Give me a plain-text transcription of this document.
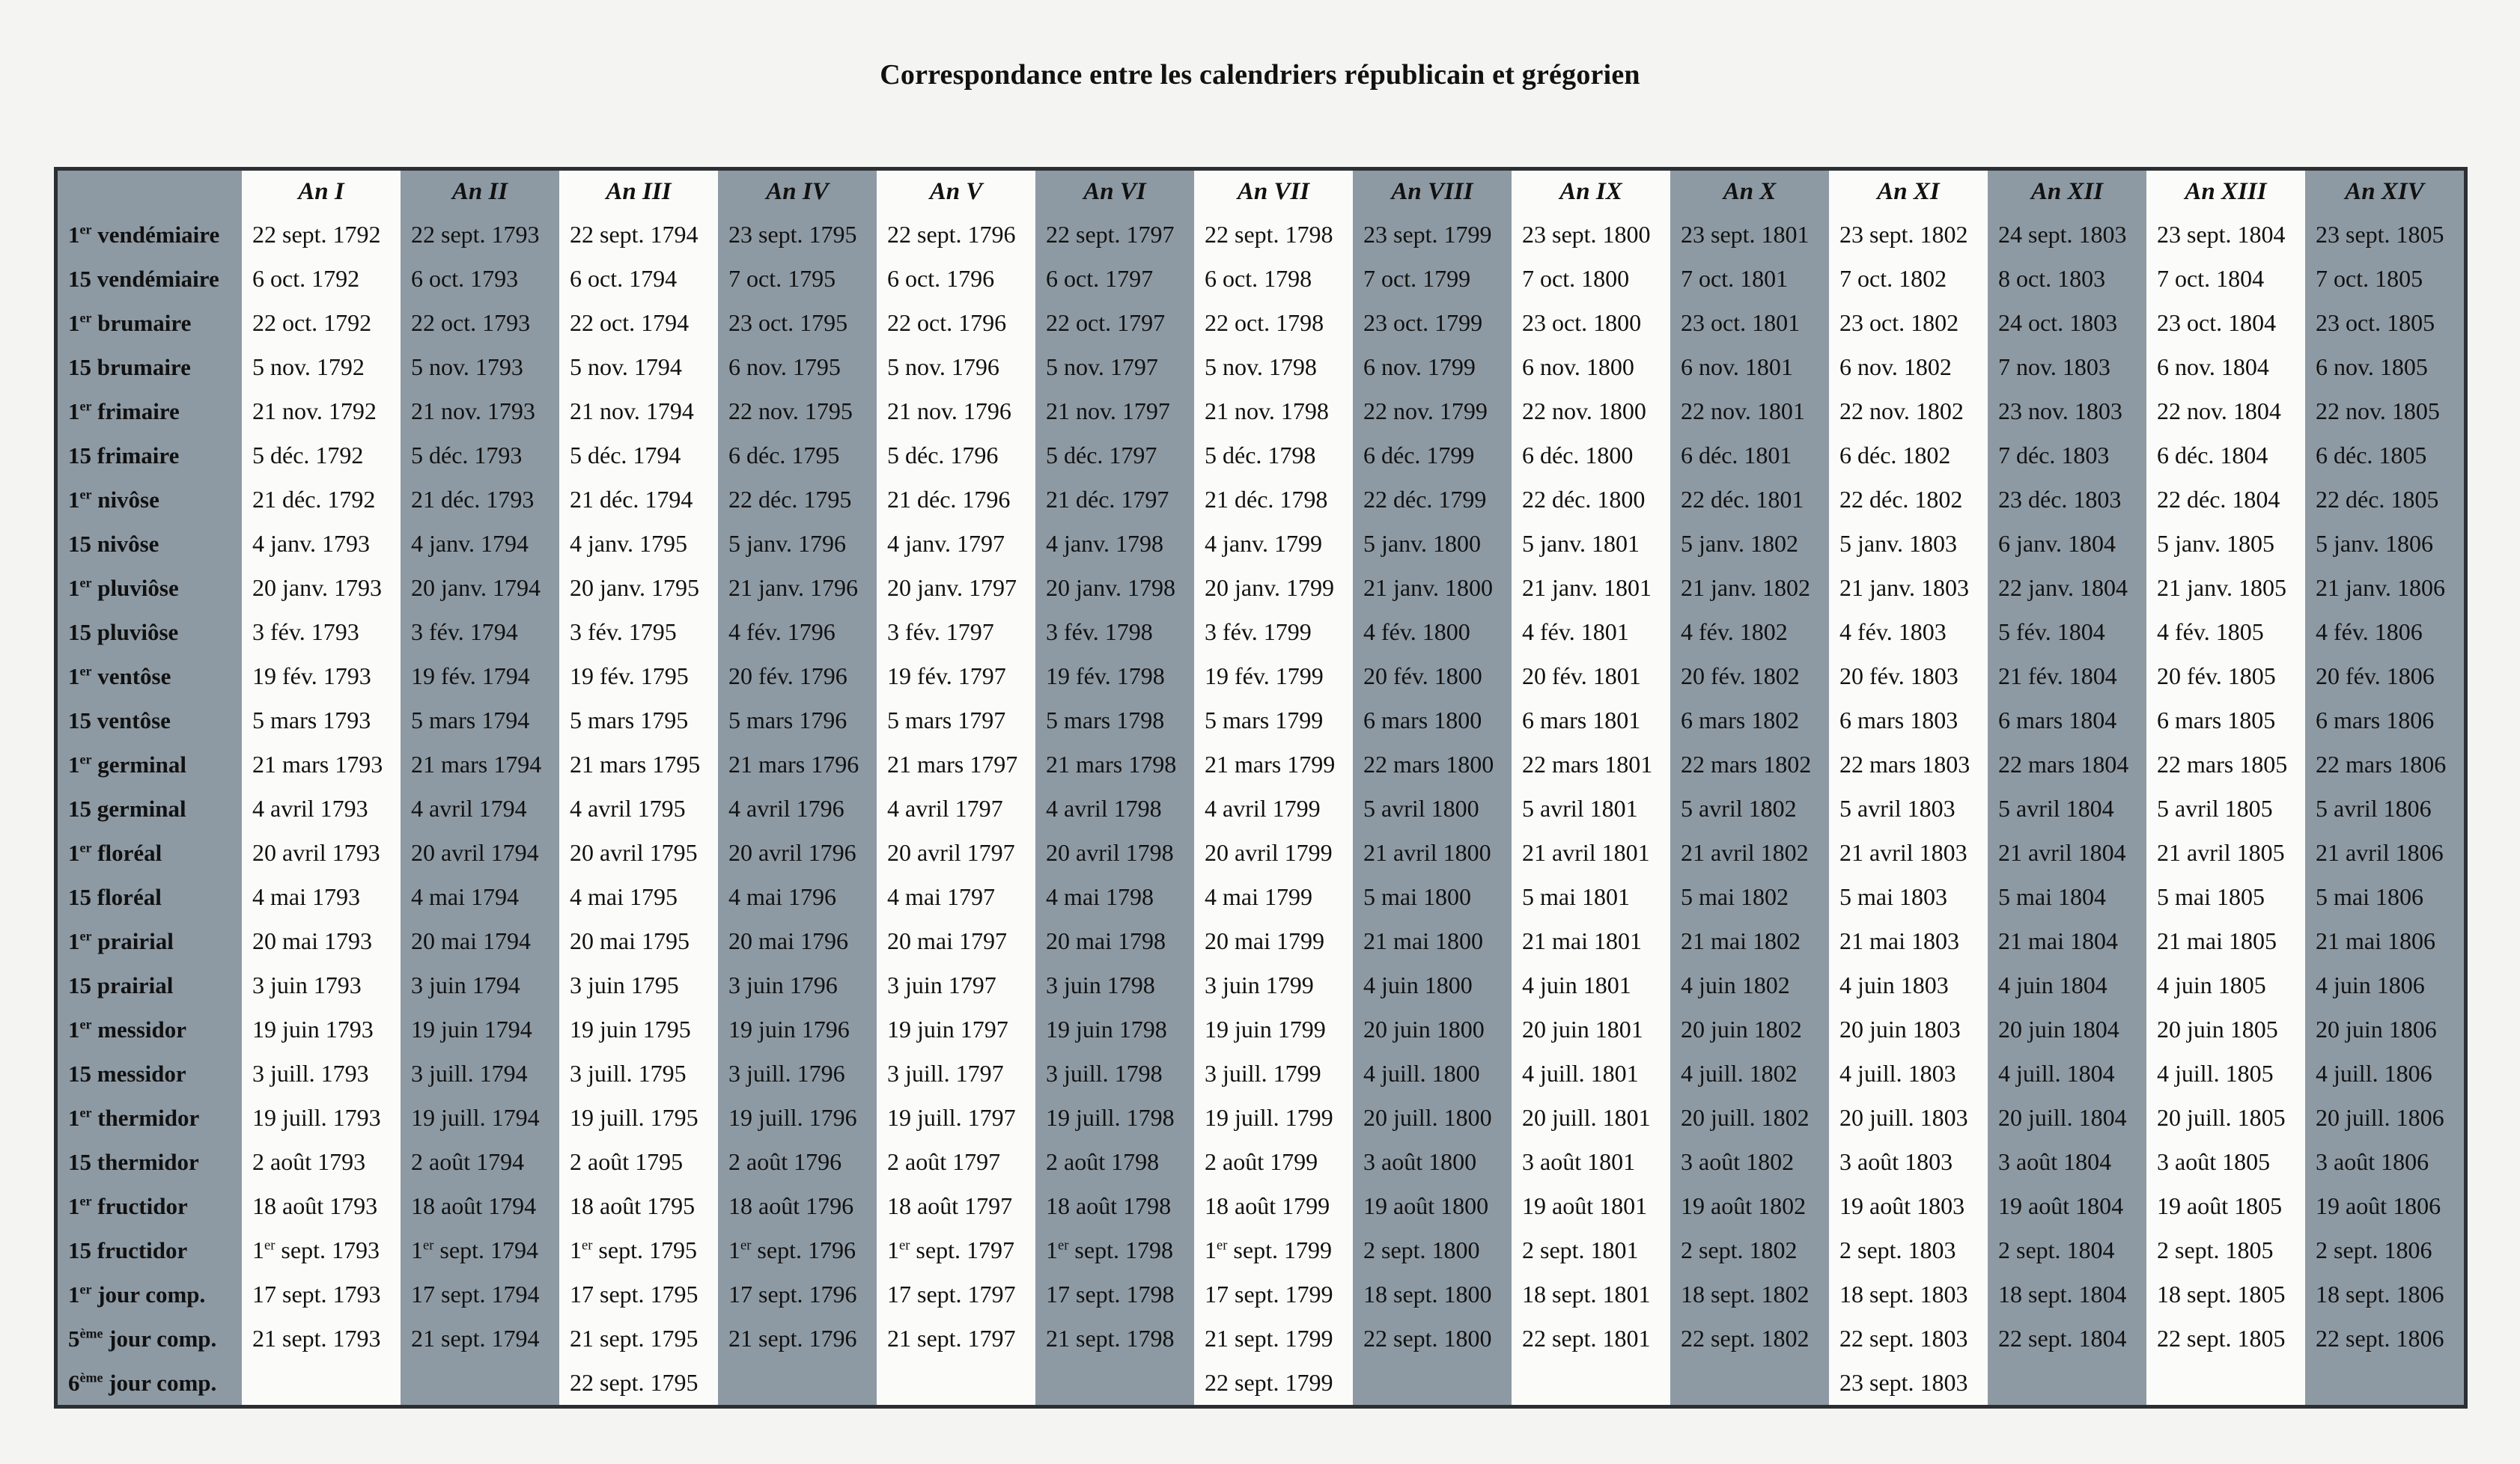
Correspondance entre les calendriers républicain et grégorien
	An I	An II	An III	An IV	An V	An VI	An VII	An VIII	An IX	An X	An XI	An XII	An XIII	An XIV
1er vendémiaire	22 sept. 1792	22 sept. 1793	22 sept. 1794	23 sept. 1795	22 sept. 1796	22 sept. 1797	22 sept. 1798	23 sept. 1799	23 sept. 1800	23 sept. 1801	23 sept. 1802	24 sept. 1803	23 sept. 1804	23 sept. 1805
15 vendémiaire	6 oct. 1792	6 oct. 1793	6 oct. 1794	7 oct. 1795	6 oct. 1796	6 oct. 1797	6 oct. 1798	7 oct. 1799	7 oct. 1800	7 oct. 1801	7 oct. 1802	8 oct. 1803	7 oct. 1804	7 oct. 1805
1er brumaire	22 oct. 1792	22 oct. 1793	22 oct. 1794	23 oct. 1795	22 oct. 1796	22 oct. 1797	22 oct. 1798	23 oct. 1799	23 oct. 1800	23 oct. 1801	23 oct. 1802	24 oct. 1803	23 oct. 1804	23 oct. 1805
15 brumaire	5 nov. 1792	5 nov. 1793	5 nov. 1794	6 nov. 1795	5 nov. 1796	5 nov. 1797	5 nov. 1798	6 nov. 1799	6 nov. 1800	6 nov. 1801	6 nov. 1802	7 nov. 1803	6 nov. 1804	6 nov. 1805
1er frimaire	21 nov. 1792	21 nov. 1793	21 nov. 1794	22 nov. 1795	21 nov. 1796	21 nov. 1797	21 nov. 1798	22 nov. 1799	22 nov. 1800	22 nov. 1801	22 nov. 1802	23 nov. 1803	22 nov. 1804	22 nov. 1805
15 frimaire	5 déc. 1792	5 déc. 1793	5 déc. 1794	6 déc. 1795	5 déc. 1796	5 déc. 1797	5 déc. 1798	6 déc. 1799	6 déc. 1800	6 déc. 1801	6 déc. 1802	7 déc. 1803	6 déc. 1804	6 déc. 1805
1er nivôse	21 déc. 1792	21 déc. 1793	21 déc. 1794	22 déc. 1795	21 déc. 1796	21 déc. 1797	21 déc. 1798	22 déc. 1799	22 déc. 1800	22 déc. 1801	22 déc. 1802	23 déc. 1803	22 déc. 1804	22 déc. 1805
15 nivôse	4 janv. 1793	4 janv. 1794	4 janv. 1795	5 janv. 1796	4 janv. 1797	4 janv. 1798	4 janv. 1799	5 janv. 1800	5 janv. 1801	5 janv. 1802	5 janv. 1803	6 janv. 1804	5 janv. 1805	5 janv. 1806
1er pluviôse	20 janv. 1793	20 janv. 1794	20 janv. 1795	21 janv. 1796	20 janv. 1797	20 janv. 1798	20 janv. 1799	21 janv. 1800	21 janv. 1801	21 janv. 1802	21 janv. 1803	22 janv. 1804	21 janv. 1805	21 janv. 1806
15 pluviôse	3 fév. 1793	3 fév. 1794	3 fév. 1795	4 fév. 1796	3 fév. 1797	3 fév. 1798	3 fév. 1799	4 fév. 1800	4 fév. 1801	4 fév. 1802	4 fév. 1803	5 fév. 1804	4 fév. 1805	4 fév. 1806
1er ventôse	19 fév. 1793	19 fév. 1794	19 fév. 1795	20 fév. 1796	19 fév. 1797	19 fév. 1798	19 fév. 1799	20 fév. 1800	20 fév. 1801	20 fév. 1802	20 fév. 1803	21 fév. 1804	20 fév. 1805	20 fév. 1806
15 ventôse	5 mars 1793	5 mars 1794	5 mars 1795	5 mars 1796	5 mars 1797	5 mars 1798	5 mars 1799	6 mars 1800	6 mars 1801	6 mars 1802	6 mars 1803	6 mars 1804	6 mars 1805	6 mars 1806
1er germinal	21 mars 1793	21 mars 1794	21 mars 1795	21 mars 1796	21 mars 1797	21 mars 1798	21 mars 1799	22 mars 1800	22 mars 1801	22 mars 1802	22 mars 1803	22 mars 1804	22 mars 1805	22 mars 1806
15 germinal	4 avril 1793	4 avril 1794	4 avril 1795	4 avril 1796	4 avril 1797	4 avril 1798	4 avril 1799	5 avril 1800	5 avril 1801	5 avril 1802	5 avril 1803	5 avril 1804	5 avril 1805	5 avril 1806
1er floréal	20 avril 1793	20 avril 1794	20 avril 1795	20 avril 1796	20 avril 1797	20 avril 1798	20 avril 1799	21 avril 1800	21 avril 1801	21 avril 1802	21 avril 1803	21 avril 1804	21 avril 1805	21 avril 1806
15 floréal	4 mai 1793	4 mai 1794	4 mai 1795	4 mai 1796	4 mai 1797	4 mai 1798	4 mai 1799	5 mai 1800	5 mai 1801	5 mai 1802	5 mai 1803	5 mai 1804	5 mai 1805	5 mai 1806
1er prairial	20 mai 1793	20 mai 1794	20 mai 1795	20 mai 1796	20 mai 1797	20 mai 1798	20 mai 1799	21 mai 1800	21 mai 1801	21 mai 1802	21 mai 1803	21 mai 1804	21 mai 1805	21 mai 1806
15 prairial	3 juin 1793	3 juin 1794	3 juin 1795	3 juin 1796	3 juin 1797	3 juin 1798	3 juin 1799	4 juin 1800	4 juin 1801	4 juin 1802	4 juin 1803	4 juin 1804	4 juin 1805	4 juin 1806
1er messidor	19 juin 1793	19 juin 1794	19 juin 1795	19 juin 1796	19 juin 1797	19 juin 1798	19 juin 1799	20 juin 1800	20 juin 1801	20 juin 1802	20 juin 1803	20 juin 1804	20 juin 1805	20 juin 1806
15 messidor	3 juill. 1793	3 juill. 1794	3 juill. 1795	3 juill. 1796	3 juill. 1797	3 juill. 1798	3 juill. 1799	4 juill. 1800	4 juill. 1801	4 juill. 1802	4 juill. 1803	4 juill. 1804	4 juill. 1805	4 juill. 1806
1er thermidor	19 juill. 1793	19 juill. 1794	19 juill. 1795	19 juill. 1796	19 juill. 1797	19 juill. 1798	19 juill. 1799	20 juill. 1800	20 juill. 1801	20 juill. 1802	20 juill. 1803	20 juill. 1804	20 juill. 1805	20 juill. 1806
15 thermidor	2 août 1793	2 août 1794	2 août 1795	2 août 1796	2 août 1797	2 août 1798	2 août 1799	3 août 1800	3 août 1801	3 août 1802	3 août 1803	3 août 1804	3 août 1805	3 août 1806
1er fructidor	18 août 1793	18 août 1794	18 août 1795	18 août 1796	18 août 1797	18 août 1798	18 août 1799	19 août 1800	19 août 1801	19 août 1802	19 août 1803	19 août 1804	19 août 1805	19 août 1806
15 fructidor	1er sept. 1793	1er sept. 1794	1er sept. 1795	1er sept. 1796	1er sept. 1797	1er sept. 1798	1er sept. 1799	2 sept. 1800	2 sept. 1801	2 sept. 1802	2 sept. 1803	2 sept. 1804	2 sept. 1805	2 sept. 1806
1er jour comp.	17 sept. 1793	17 sept. 1794	17 sept. 1795	17 sept. 1796	17 sept. 1797	17 sept. 1798	17 sept. 1799	18 sept. 1800	18 sept. 1801	18 sept. 1802	18 sept. 1803	18 sept. 1804	18 sept. 1805	18 sept. 1806
5ème jour comp.	21 sept. 1793	21 sept. 1794	21 sept. 1795	21 sept. 1796	21 sept. 1797	21 sept. 1798	21 sept. 1799	22 sept. 1800	22 sept. 1801	22 sept. 1802	22 sept. 1803	22 sept. 1804	22 sept. 1805	22 sept. 1806
6ème jour comp.			22 sept. 1795				22 sept. 1799				23 sept. 1803			
